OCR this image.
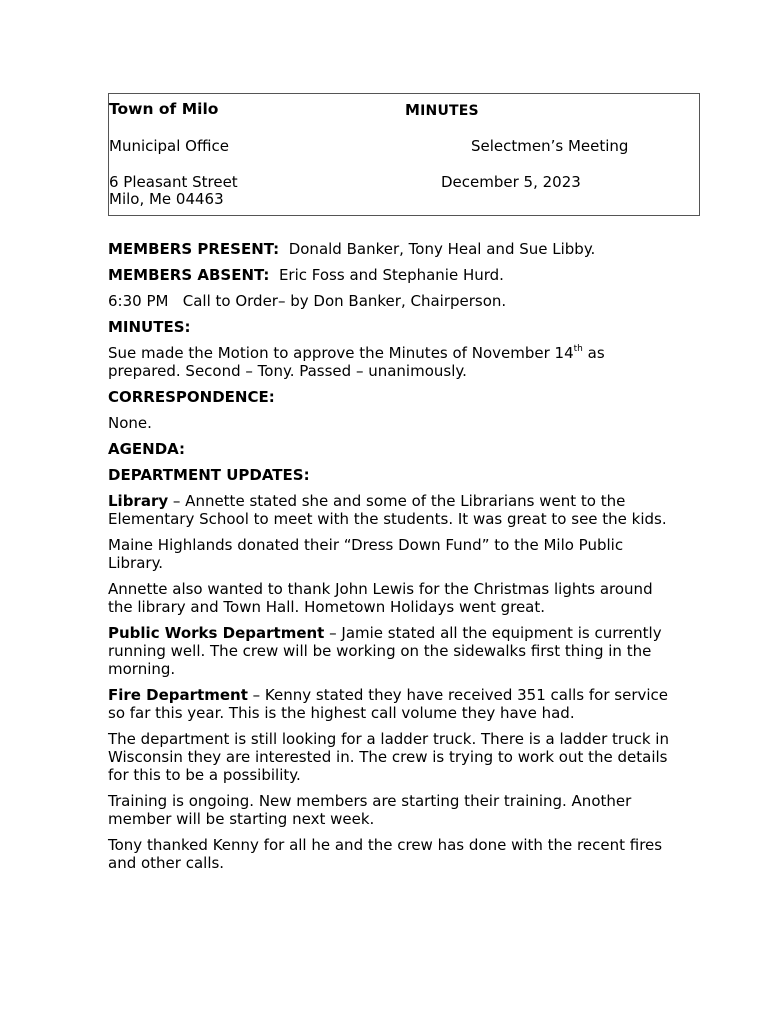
Town of Milo	MINUTES
Municipal Office	Selectmen’s Meeting
6 Pleasant Street	December 5, 2023
Milo, Me 04463

MEMBERS PRESENT:  Donald Banker, Tony Heal and Sue Libby.

MEMBERS ABSENT:  Eric Foss and Stephanie Hurd.

6:30 PM   Call to Order– by Don Banker, Chairperson.

MINUTES:

Sue made the Motion to approve the Minutes of November 14th as prepared. Second – Tony. Passed – unanimously.

CORRESPONDENCE:

None.

AGENDA:

DEPARTMENT UPDATES:

Library – Annette stated she and some of the Librarians went to the Elementary School to meet with the students. It was great to see the kids.

Maine Highlands donated their “Dress Down Fund” to the Milo Public Library.

Annette also wanted to thank John Lewis for the Christmas lights around the library and Town Hall. Hometown Holidays went great.

Public Works Department – Jamie stated all the equipment is currently running well. The crew will be working on the sidewalks first thing in the morning.

Fire Department – Kenny stated they have received 351 calls for service so far this year. This is the highest call volume they have had.

The department is still looking for a ladder truck. There is a ladder truck in Wisconsin they are interested in. The crew is trying to work out the details for this to be a possibility.

Training is ongoing. New members are starting their training. Another member will be starting next week.

Tony thanked Kenny for all he and the crew has done with the recent fires and other calls.
